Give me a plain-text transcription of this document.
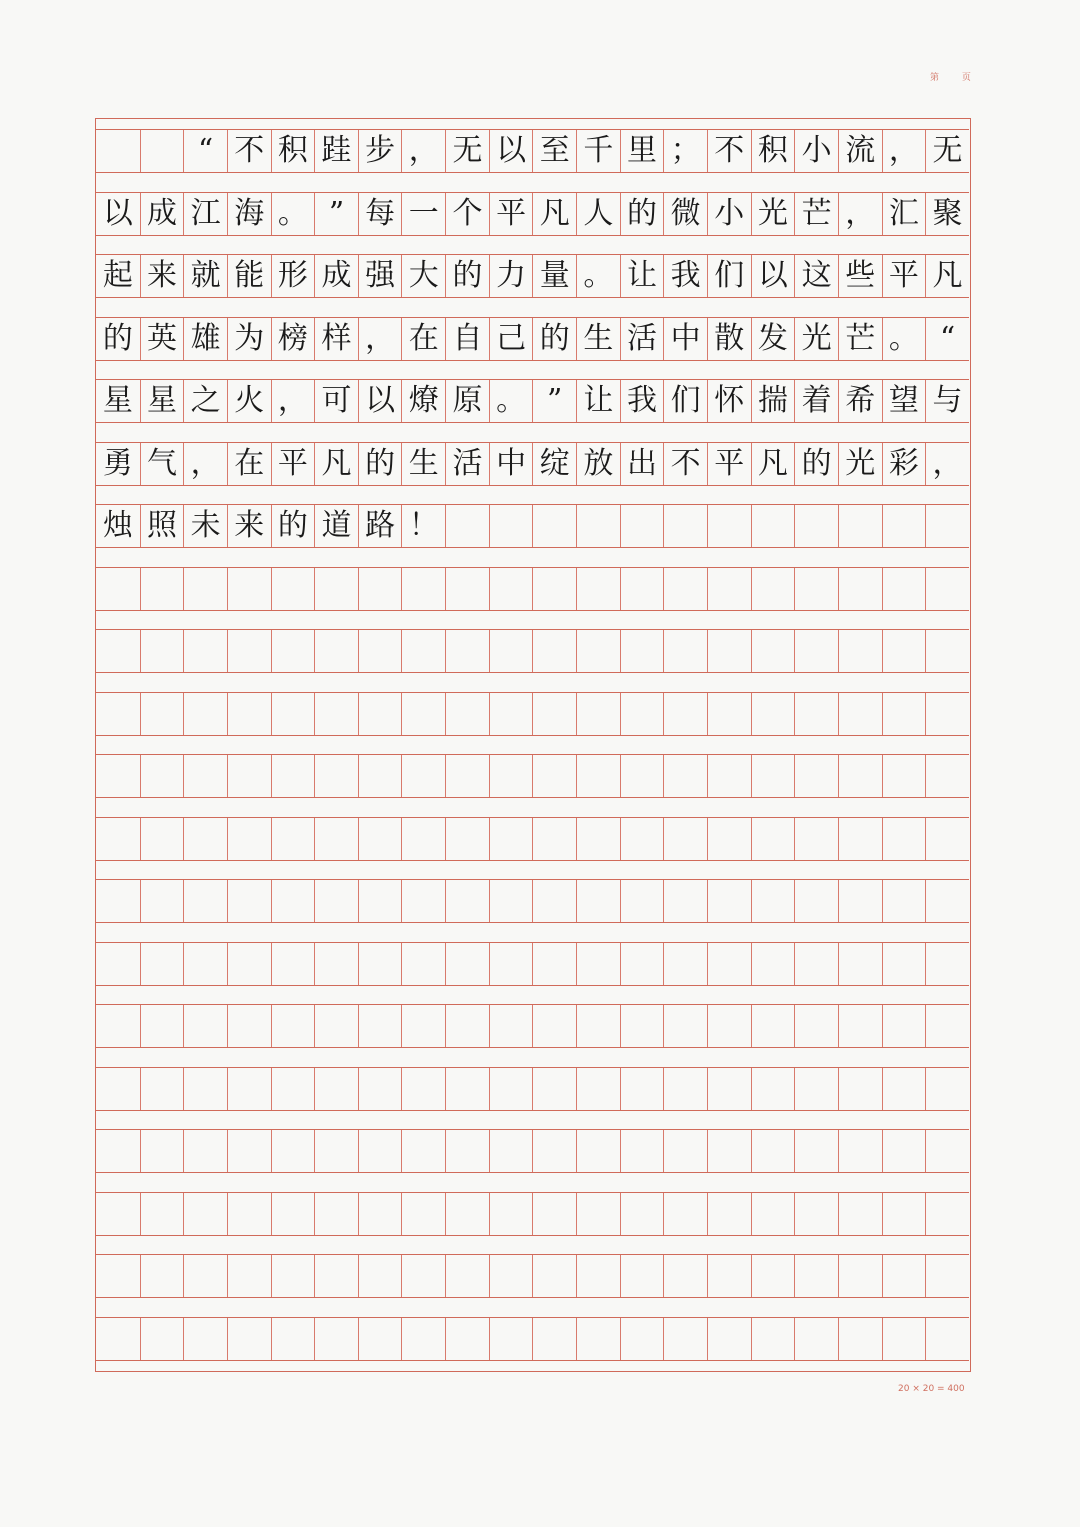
第 页
“ 不 积 跬 步 ， 无 以 至 千 里 ； 不 积 小 流 ， 无
以 成 江 海 。 ” 每 一 个 平 凡 人 的 微 小 光 芒 ， 汇 聚
起 来 就 能 形 成 强 大 的 力 量 。 让 我 们 以 这 些 平 凡
的 英 雄 为 榜 样 ， 在 自 己 的 生 活 中 散 发 光 芒 。 “
星 星 之 火 ， 可 以 燎 原 。 ” 让 我 们 怀 揣 着 希 望 与
勇 气 ， 在 平 凡 的 生 活 中 绽 放 出 不 平 凡 的 光 彩 ，
烛 照 未 来 的 道 路 ！
20 × 20 = 400
